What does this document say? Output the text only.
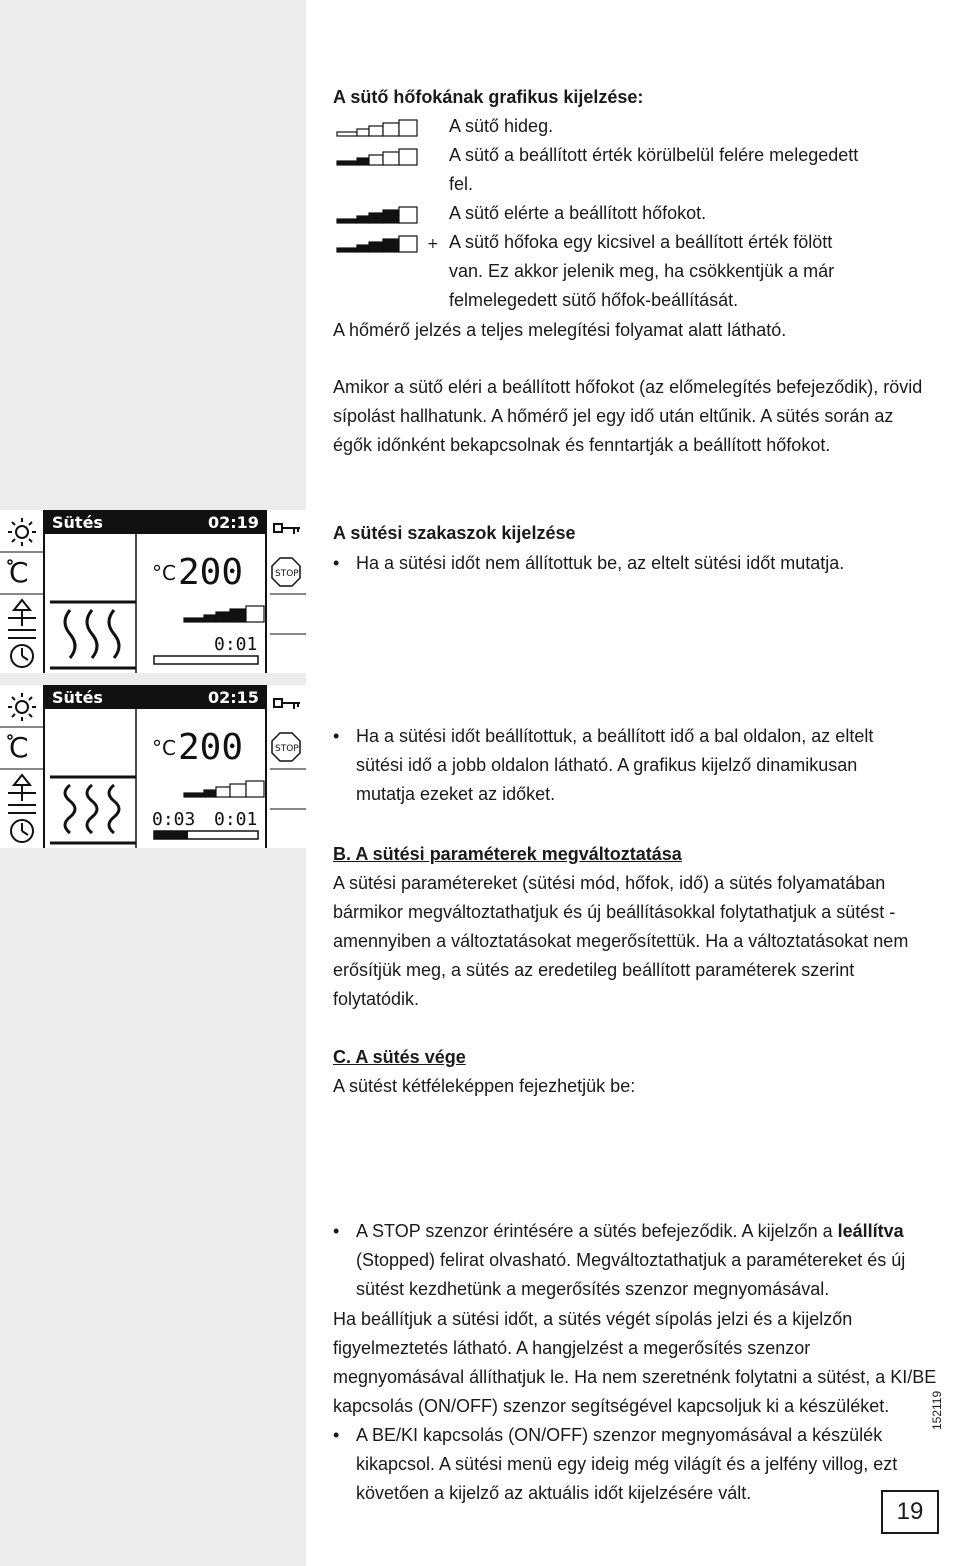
A sütő hőfokának grafikus kijelzése:
A sütő hideg.

A sütő a beállított érték körülbelül felére melegedett

fel.

A sütő elérte a beállított hőfokot.
+ A sütő hőfoka egy kicsivel a beállított érték fölött

van. Ez akkor jelenik meg, ha csökkentjük a már

felmelegedett sütő hőfok-beállítását.

A hőmérő jelzés a teljes melegítési folyamat alatt látható.
Amikor a sütő eléri a beállított hőfokot (az előmelegítés befejeződik), rövid sípolást hallhatunk. A hőmérő jel egy idő után eltűnik. A sütés során az égők időnként bekapcsolnak és fenntartják a beállított hőfokot.
A sütési szakaszok kijelzése
• Ha a sütési időt nem állítottuk be, az eltelt sütési időt mutatja.
• Ha a sütési időt beállítottuk, a beállított idő a bal oldalon, az eltelt sütési idő a jobb oldalon látható. A grafikus kijelző dinamikusan mutatja ezeket az időket.
C
Sütés	02:19
°C 200
0:01
STOP
C
Sütés	02:15
°C 200
0:03 0:01
STOP
B. A sütési paraméterek megváltoztatása
A sütési paramétereket (sütési mód, hőfok, idő) a sütés folyamatában bármikor megváltoztathatjuk és új beállításokkal folytathatjuk a sütést - amennyiben a változtatásokat megerősítettük. Ha a változtatásokat nem erősítjük meg, a sütés az eredetileg beállított paraméterek szerint folytatódik.
C. A sütés vége
A sütést kétféleképpen fejezhetjük be:
• A STOP szenzor érintésére a sütés befejeződik. A kijelzőn a leállítva (Stopped) felirat olvasható. Megváltoztathatjuk a paramétereket és új sütést kezdhetünk a megerősítés szenzor megnyomásával.
• A BE/KI kapcsolás (ON/OFF) szenzor megnyomásával a készülék kikapcsol. A sütési menü egy ideig még világít és a jelfény villog, ezt követően a kijelző az aktuális időt kijelzésére vált.
Ha beállítjuk a sütési időt, a sütés végét sípolás jelzi és a kijelzőn figyelmeztetés látható. A hangjelzést a megerősítés szenzor megnyomásával állíthatjuk le. Ha nem szeretnénk folytatni a sütést, a KI/BE kapcsolás (ON/OFF) szenzor segítségével kapcsoljuk ki a készüléket.	152119
19
